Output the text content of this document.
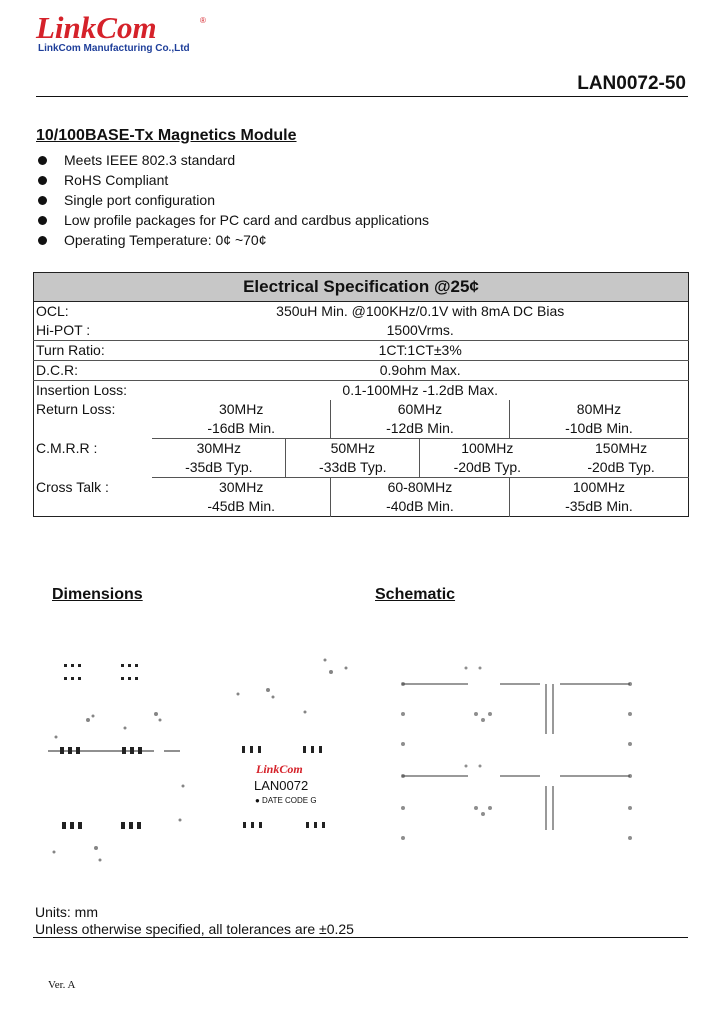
LinkCom	®
LinkCom Manufacturing Co.,Ltd
LAN0072-50
10/100BASE-Tx Magnetics Module
Meets IEEE 802.3 standard
RoHS Compliant
Single port configuration
Low profile packages for PC card and cardbus applications
Operating Temperature: 0¢ ~70¢
Electrical Specification @25¢						
OCL:	350uH Min. @100KHz/0.1V with 8mA DC Bias					
Hi-POT :	1500Vrms.					
Turn Ratio:	1CT:1CT±3%					
D.C.R:	0.9ohm Max.					
Insertion Loss:	0.1-100MHz -1.2dB Max.					
Return Loss:	30MHz		60MHz		80MHz	
	-16dB Min.		-12dB Min.		-10dB Min.	
C.M.R.R :	30MHz	50MHz		100MHz		150MHz
	-35dB Typ.	-33dB Typ.		-20dB Typ.		-20dB Typ.
Cross Talk :	30MHz		60-80MHz		100MHz	
	-45dB Min.		-40dB Min.		-35dB Min.	
Dimensions	Schematic
LinkCom
LAN0072
● DATE CODE G
Units: mm
Unless otherwise specified, all tolerances are ±0.25
Ver. A
